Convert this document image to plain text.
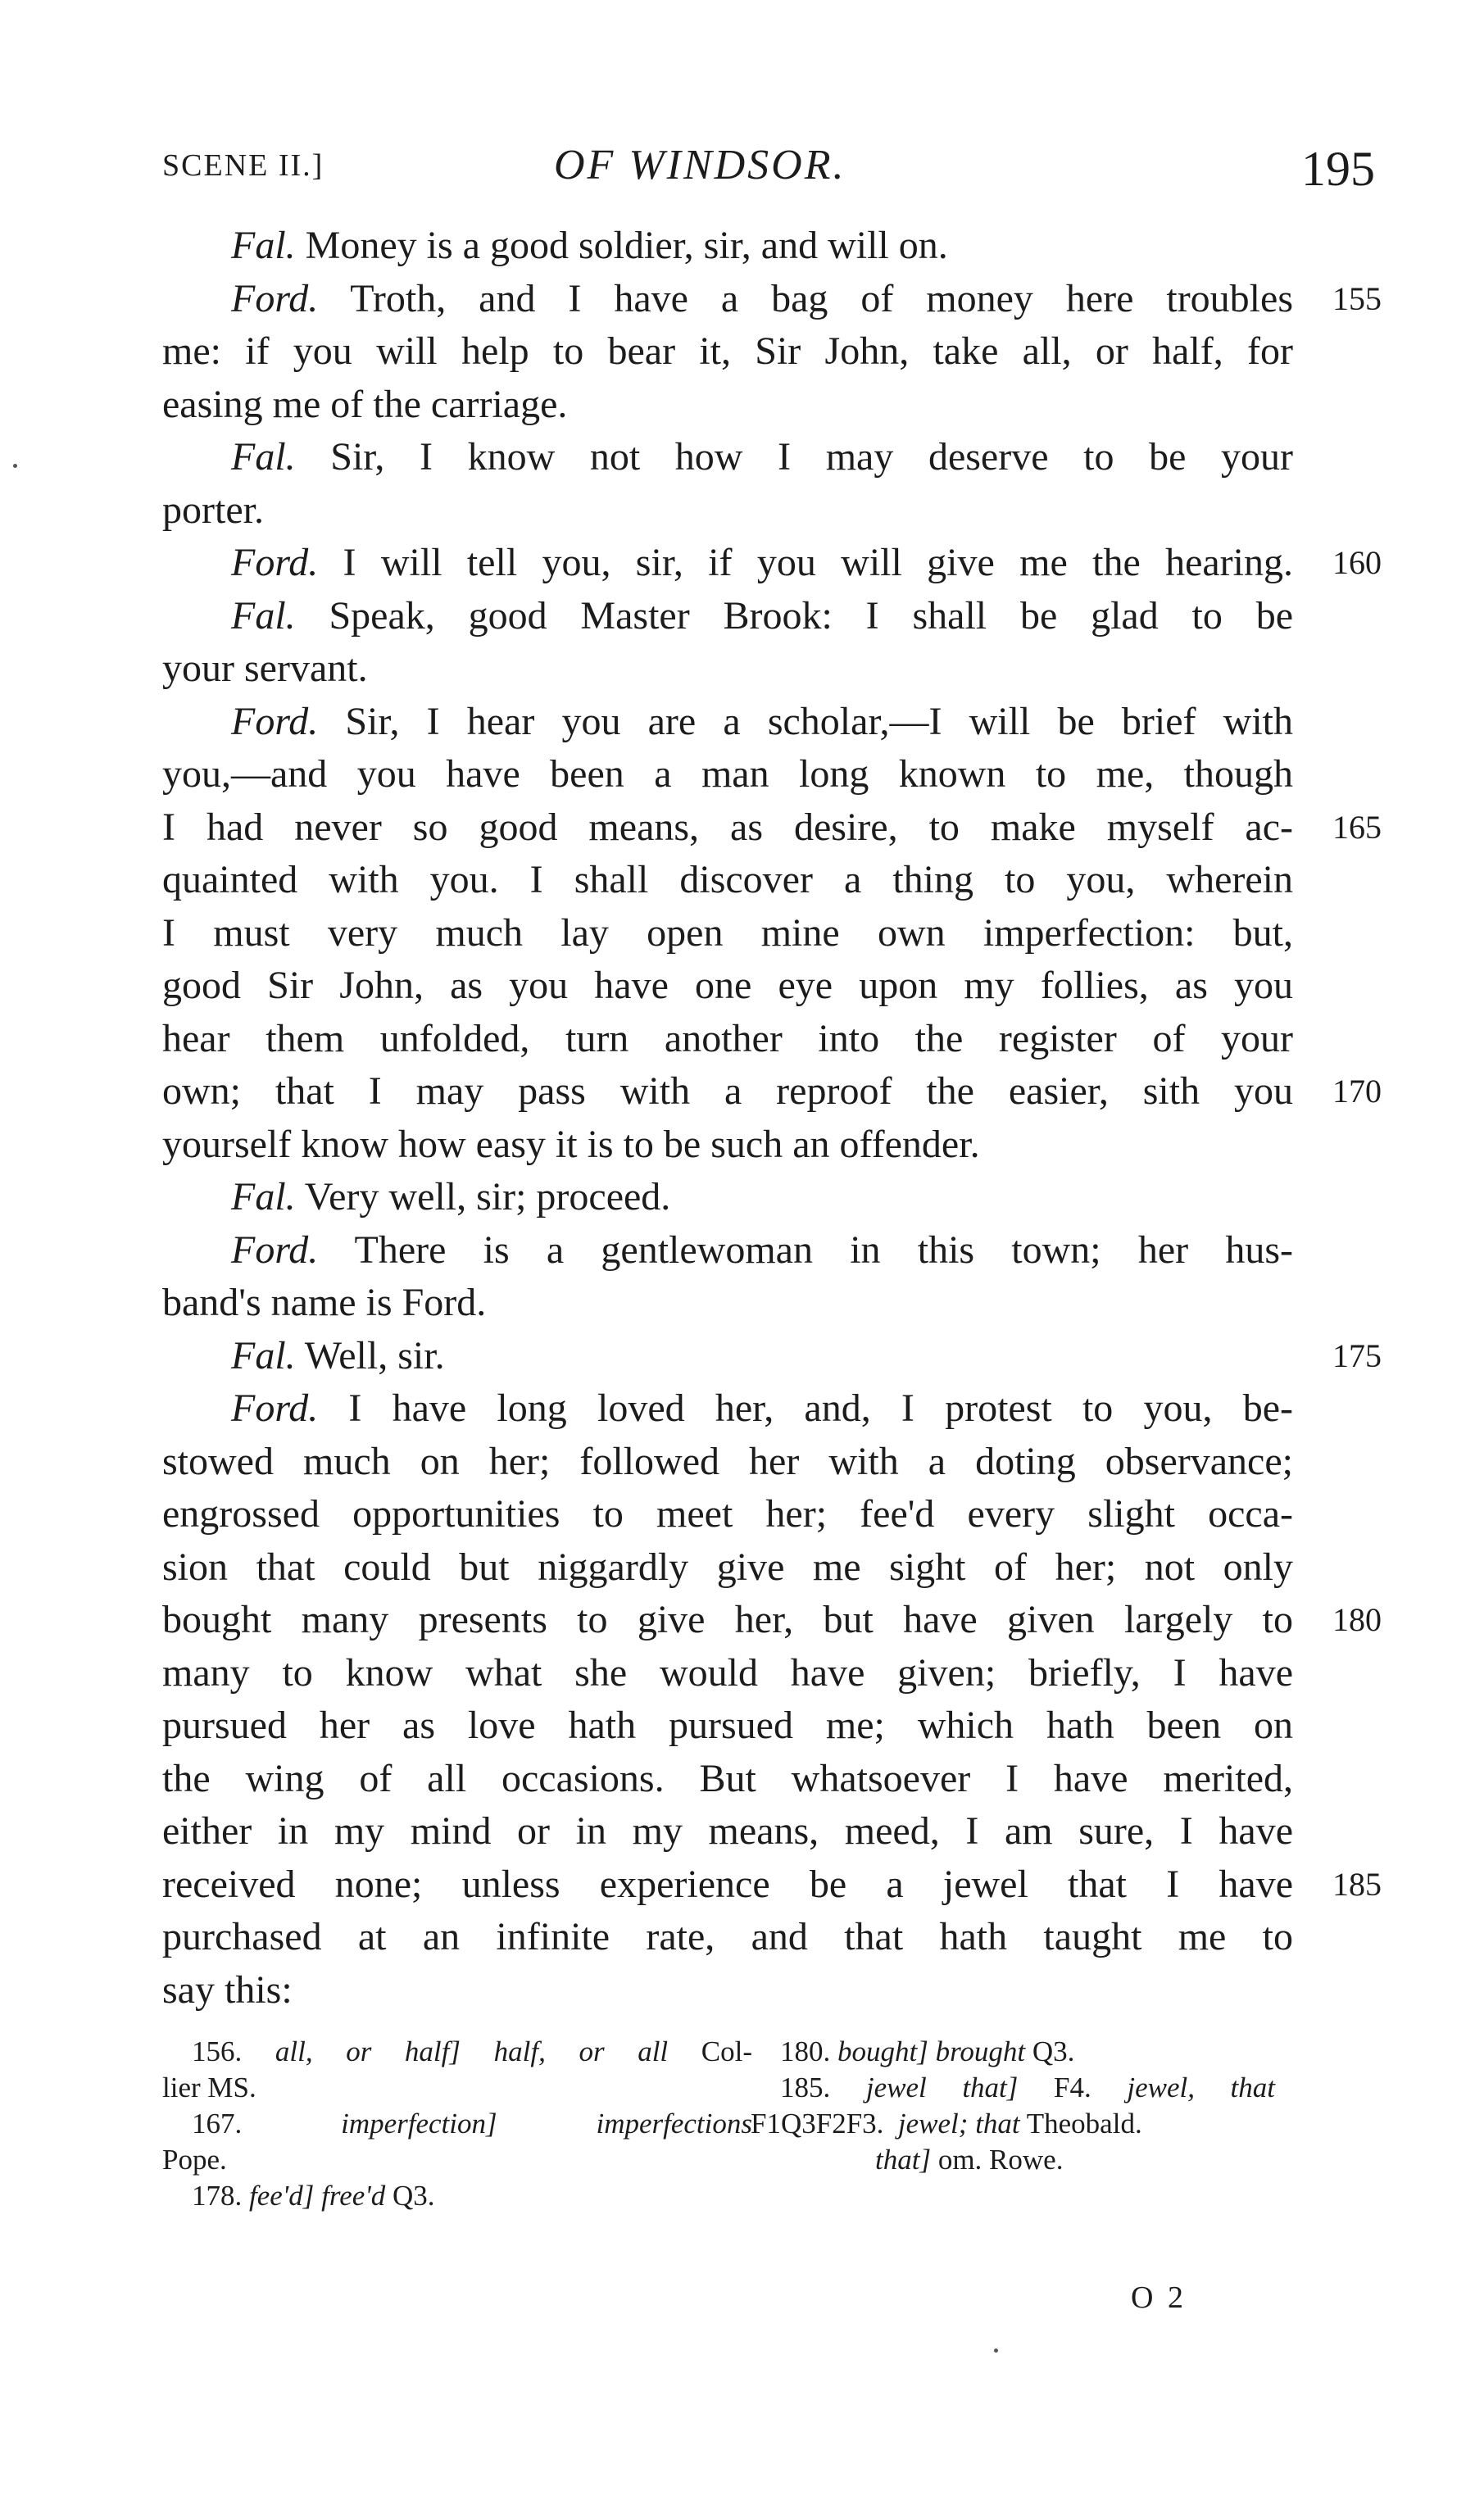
SCENE II.]	OF WINDSOR.	195
Fal. Money is a good soldier, sir, and will on.
Ford. Troth, and I have a bag of money here troubles	155
me: if you will help to bear it, Sir John, take all, or half, for
easing me of the carriage.
Fal. Sir, I know not how I may deserve to be your
porter.
Ford. I will tell you, sir, if you will give me the hearing.	160
Fal. Speak, good Master Brook: I shall be glad to be
your servant.
Ford. Sir, I hear you are a scholar,—I will be brief with
you,—and you have been a man long known to me, though
I had never so good means, as desire, to make myself ac-	165
quainted with you. I shall discover a thing to you, wherein
I must very much lay open mine own imperfection: but,
good Sir John, as you have one eye upon my follies, as you
hear them unfolded, turn another into the register of your
own; that I may pass with a reproof the easier, sith you	170
yourself know how easy it is to be such an offender.
Fal. Very well, sir; proceed.
Ford. There is a gentlewoman in this town; her hus-
band's name is Ford.
Fal. Well, sir.	175
Ford. I have long loved her, and, I protest to you, be-
stowed much on her; followed her with a doting observance;
engrossed opportunities to meet her; fee'd every slight occa-
sion that could but niggardly give me sight of her; not only
bought many presents to give her, but have given largely to	180
many to know what she would have given; briefly, I have
pursued her as love hath pursued me; which hath been on
the wing of all occasions. But whatsoever I have merited,
either in my mind or in my means, meed, I am sure, I have
received none; unless experience be a jewel that I have	185
purchased at an infinite rate, and that hath taught me to
say this:
156. all, or half] half, or all Col-
lier MS.
167.	imperfection]	imperfections
Pope.
178. fee'd] free'd Q3.
180. bought] brought Q3.
185. jewel that] F4. jewel, that
F1Q3F2F3. jewel; that Theobald.
that] om. Rowe.
O 2
